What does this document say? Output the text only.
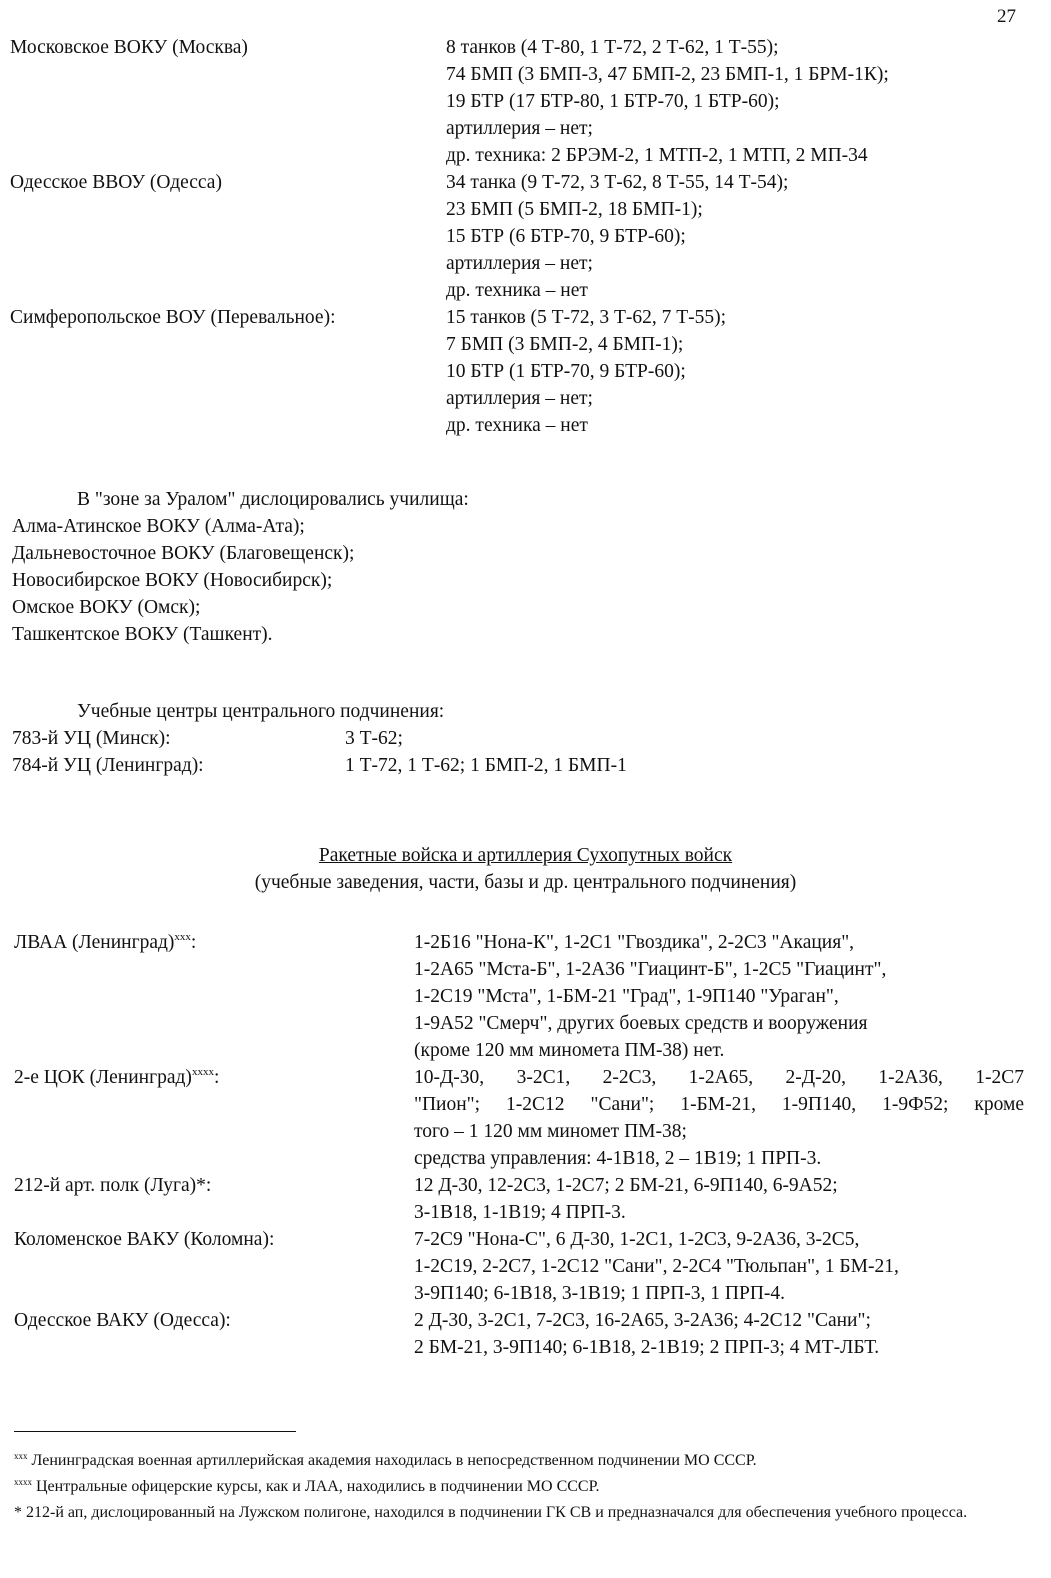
27
Московское ВОКУ (Москва)	8 танков (4 Т-80, 1 Т-72, 2 Т-62, 1 Т-55);
74 БМП (3 БМП-3, 47 БМП-2, 23 БМП-1, 1 БРМ-1К);
19 БТР (17 БТР-80, 1 БТР-70, 1 БТР-60);
артиллерия – нет;
др. техника: 2 БРЭМ-2, 1 МТП-2, 1 МТП, 2 МП-34
Одесское ВВОУ (Одесса)	34 танка (9 Т-72, 3 Т-62, 8 Т-55, 14 Т-54);
23 БМП (5 БМП-2, 18 БМП-1);
15 БТР (6 БТР-70, 9 БТР-60);
артиллерия – нет;
др. техника – нет
Симферопольское ВОУ (Перевальное):	15 танков (5 Т-72, 3 Т-62, 7 Т-55);
7 БМП (3 БМП-2, 4 БМП-1);
10 БТР (1 БТР-70, 9 БТР-60);
артиллерия – нет;
др. техника – нет
В "зоне за Уралом" дислоцировались училища:
Алма-Атинское ВОКУ (Алма-Ата);
Дальневосточное ВОКУ (Благовещенск);
Новосибирское ВОКУ (Новосибирск);
Омское ВОКУ (Омск);
Ташкентское ВОКУ (Ташкент).
Учебные центры центрального подчинения:
783-й УЦ (Минск):	3 Т-62;
784-й УЦ (Ленинград):	1 Т-72, 1 Т-62; 1 БМП-2, 1 БМП-1
Ракетные войска и артиллерия Сухопутных войск
(учебные заведения, части, базы и др. центрального подчинения)
ЛВАА (Ленинград)$^{xxx}$:	1-2Б16 "Нона-К", 1-2С1 "Гвоздика", 2-2С3 "Акация",
1-2А65 "Мста-Б", 1-2А36 "Гиацинт-Б", 1-2С5 "Гиацинт",
1-2С19 "Мста", 1-БМ-21 "Град", 1-9П140 "Ураган",
1-9А52 "Смерч", других боевых средств и вооружения
(кроме 120 мм миномета ПМ-38) нет.
2-е ЦОК (Ленинград)$^{xxxx}$:	10-Д-30, 3-2С1, 2-2С3, 1-2А65, 2-Д-20, 1-2А36, 1-2С7
"Пион"; 1-2С12 "Сани"; 1-БМ-21, 1-9П140, 1-9Ф52; кроме
того – 1 120 мм миномет ПМ-38;
средства управления: 4-1В18, 2 – 1В19; 1 ПРП-3.
212-й арт. полк (Луга)*:	12 Д-30, 12-2С3, 1-2С7; 2 БМ-21, 6-9П140, 6-9А52;
3-1В18, 1-1В19; 4 ПРП-3.
Коломенское ВАКУ (Коломна):	7-2С9 "Нона-С", 6 Д-30, 1-2С1, 1-2С3, 9-2А36, 3-2С5,
1-2С19, 2-2С7, 1-2С12 "Сани", 2-2С4 "Тюльпан", 1 БМ-21,
3-9П140; 6-1В18, 3-1В19; 1 ПРП-3, 1 ПРП-4.
Одесское ВАКУ (Одесса):	2 Д-30, 3-2С1, 7-2С3, 16-2А65, 3-2А36; 4-2С12 "Сани";
2 БМ-21, 3-9П140; 6-1В18, 2-1В19; 2 ПРП-3; 4 МТ-ЛБТ.
$^{xxx}$ Ленинградская военная артиллерийская академия находилась в непосредственном подчинении МО СССР.
$^{xxxx}$ Центральные офицерские курсы, как и ЛАА, находились в подчинении МО СССР.
* 212-й ап, дислоцированный на Лужском полигоне, находился в подчинении ГК СВ и предназначался для обеспечения учебного процесса.
